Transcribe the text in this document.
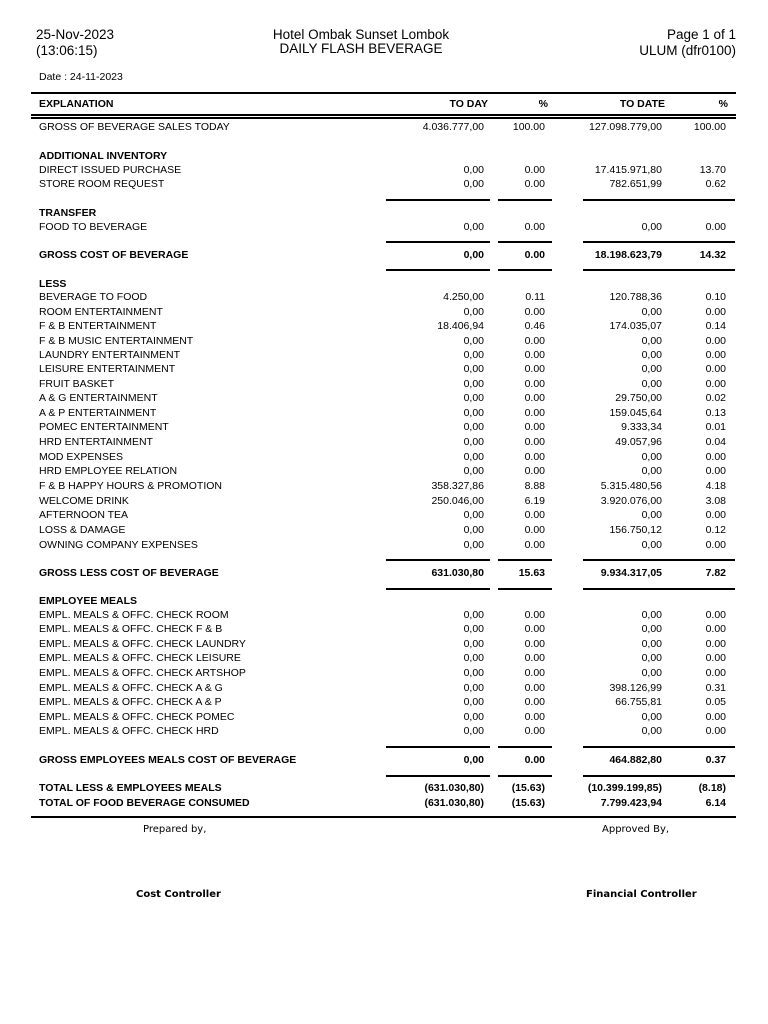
25-Nov-2023
(13:06:15)
Hotel Ombak Sunset Lombok
DAILY FLASH BEVERAGE
Page 1 of 1
ULUM (dfr0100)
Date : 24-11-2023
EXPLANATION	TO DAY	%	TO DATE	%
GROSS OF BEVERAGE SALES TODAY	4.036.777,00	100.00	127.098.779,00	100.00
ADDITIONAL INVENTORY
DIRECT ISSUED PURCHASE	0,00	0.00	17.415.971,80	13.70
STORE ROOM REQUEST	0,00	0.00	782.651,99	0.62
TRANSFER
FOOD TO BEVERAGE	0,00	0.00	0,00	0.00
GROSS COST OF BEVERAGE	0,00	0.00	18.198.623,79	14.32
LESS
BEVERAGE TO FOOD	4.250,00	0.11	120.788,36	0.10
ROOM ENTERTAINMENT	0,00	0.00	0,00	0.00
F & B ENTERTAINMENT	18.406,94	0.46	174.035,07	0.14
F & B MUSIC ENTERTAINMENT	0,00	0.00	0,00	0.00
LAUNDRY ENTERTAINMENT	0,00	0.00	0,00	0.00
LEISURE ENTERTAINMENT	0,00	0.00	0,00	0.00
FRUIT BASKET	0,00	0.00	0,00	0.00
A & G ENTERTAINMENT	0,00	0.00	29.750,00	0.02
A & P ENTERTAINMENT	0,00	0.00	159.045,64	0.13
POMEC ENTERTAINMENT	0,00	0.00	9.333,34	0.01
HRD ENTERTAINMENT	0,00	0.00	49.057,96	0.04
MOD EXPENSES	0,00	0.00	0,00	0.00
HRD EMPLOYEE RELATION	0,00	0.00	0,00	0.00
F & B HAPPY HOURS & PROMOTION	358.327,86	8.88	5.315.480,56	4.18
WELCOME DRINK	250.046,00	6.19	3.920.076,00	3.08
AFTERNOON TEA	0,00	0.00	0,00	0.00
LOSS & DAMAGE	0,00	0.00	156.750,12	0.12
OWNING COMPANY EXPENSES	0,00	0.00	0,00	0.00
GROSS LESS COST OF BEVERAGE	631.030,80	15.63	9.934.317,05	7.82
EMPLOYEE MEALS
EMPL. MEALS & OFFC. CHECK ROOM	0,00	0.00	0,00	0.00
EMPL. MEALS & OFFC. CHECK F & B	0,00	0.00	0,00	0.00
EMPL. MEALS & OFFC. CHECK LAUNDRY	0,00	0.00	0,00	0.00
EMPL. MEALS & OFFC. CHECK LEISURE	0,00	0.00	0,00	0.00
EMPL. MEALS & OFFC. CHECK ARTSHOP	0,00	0.00	0,00	0.00
EMPL. MEALS & OFFC. CHECK A & G	0,00	0.00	398.126,99	0.31
EMPL. MEALS & OFFC. CHECK A & P	0,00	0.00	66.755,81	0.05
EMPL. MEALS & OFFC. CHECK POMEC	0,00	0.00	0,00	0.00
EMPL. MEALS & OFFC. CHECK HRD	0,00	0.00	0,00	0.00
GROSS EMPLOYEES MEALS COST OF BEVERAGE	0,00	0.00	464.882,80	0.37
TOTAL LESS & EMPLOYEES MEALS	(631.030,80)	(15.63)	(10.399.199,85)	(8.18)
TOTAL OF FOOD BEVERAGE CONSUMED	(631.030,80)	(15.63)	7.799.423,94	6.14
Prepared by,	Approved By,
Cost Controller	Financial Controller
